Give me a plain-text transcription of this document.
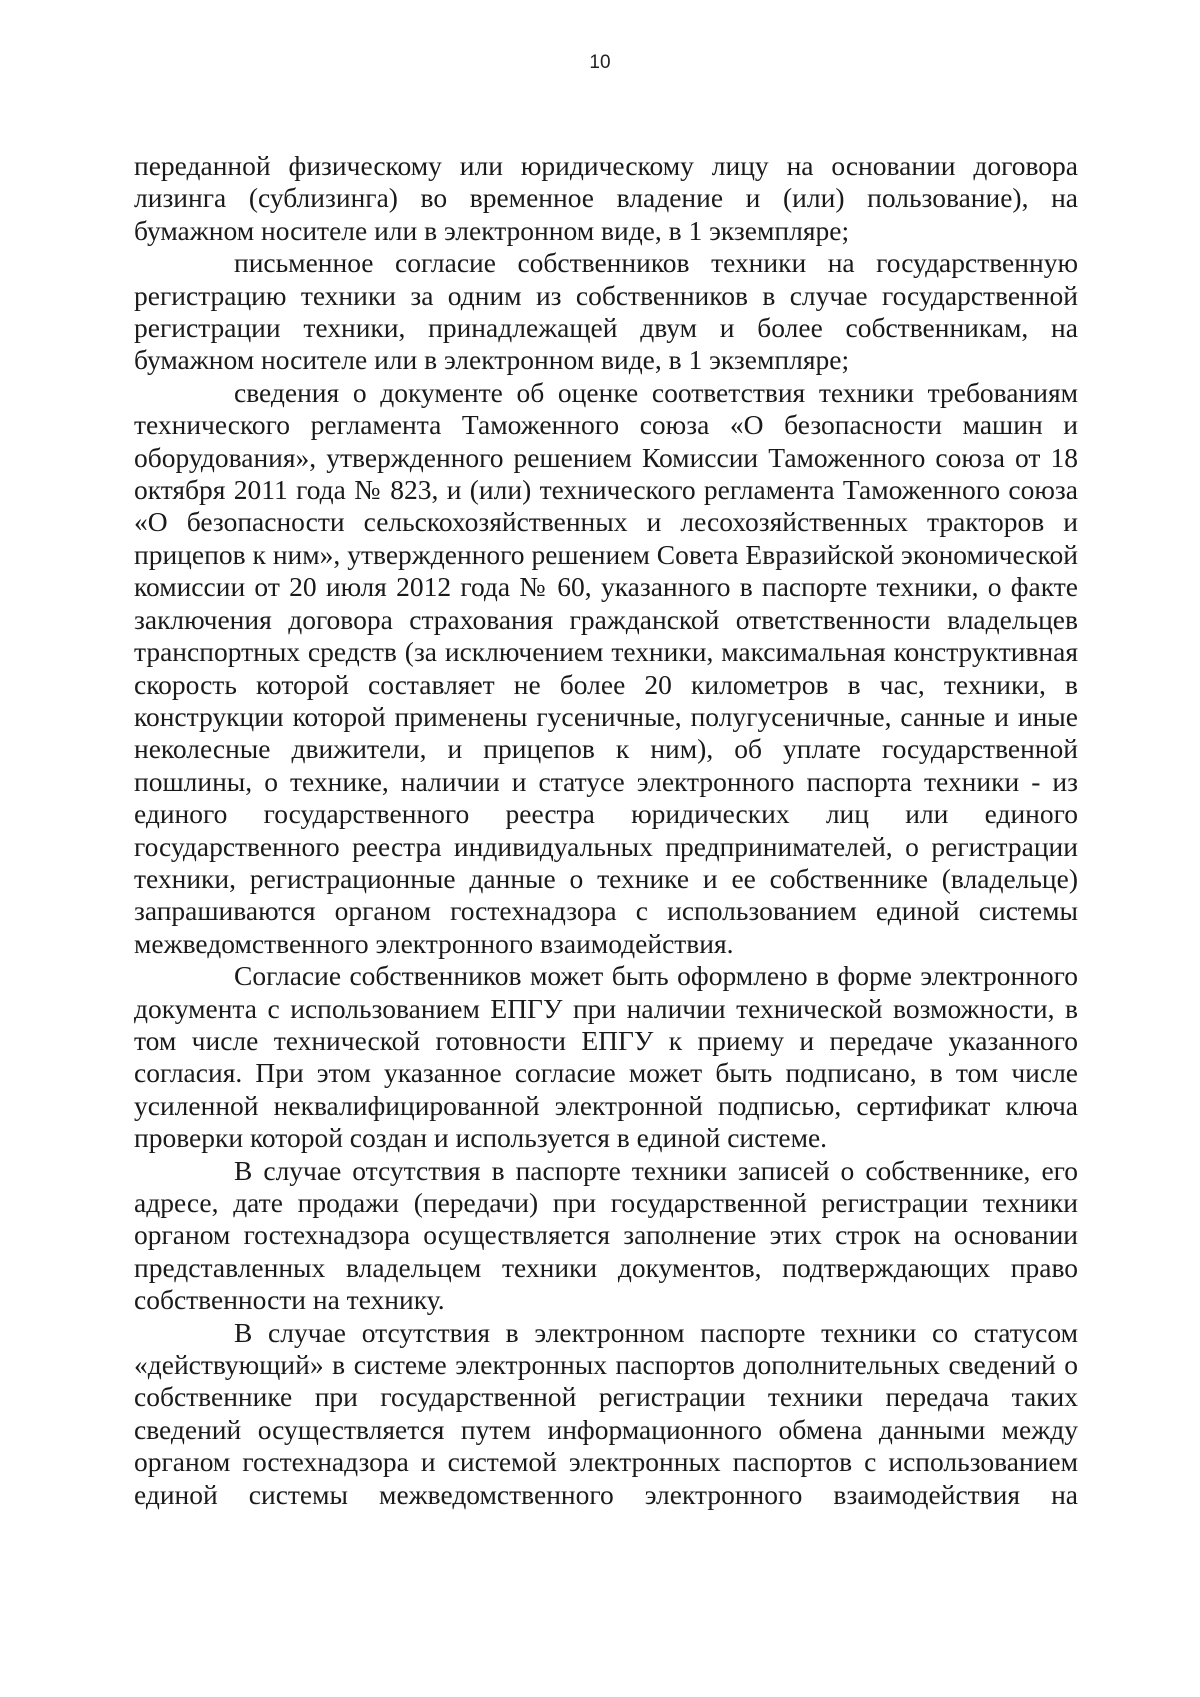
10

переданной физическому или юридическому лицу на основании договора лизинга (сублизинга) во временное владение и (или) пользование), на бумажном носителе или в электронном виде, в 1 экземпляре;

письменное согласие собственников техники на государственную регистрацию техники за одним из собственников в случае государственной регистрации техники, принадлежащей двум и более собственникам, на бумажном носителе или в электронном виде, в 1 экземпляре;

сведения о документе об оценке соответствия техники требованиям технического регламента Таможенного союза «О безопасности машин и оборудования», утвержденного решением Комиссии Таможенного союза от 18 октября 2011 года № 823, и (или) технического регламента Таможенного союза «О безопасности сельскохозяйственных и лесохозяйственных тракторов и прицепов к ним», утвержденного решением Совета Евразийской экономической комиссии от 20 июля 2012 года № 60, указанного в паспорте техники, о факте заключения договора страхования гражданской ответственности владельцев транспортных средств (за исключением техники, максимальная конструктивная скорость которой составляет не более 20 километров в час, техники, в конструкции которой применены гусеничные, полугусеничные, санные и иные неколесные движители, и прицепов к ним), об уплате государственной пошлины, о технике, наличии и статусе электронного паспорта техники - из единого государственного реестра юридических лиц или единого государственного реестра индивидуальных предпринимателей, о регистрации техники, регистрационные данные о технике и ее собственнике (владельце) запрашиваются органом гостехнадзора с использованием единой системы межведомственного электронного взаимодействия.

Согласие собственников может быть оформлено в форме электронного документа с использованием ЕПГУ при наличии технической возможности, в том числе технической готовности ЕПГУ к приему и передаче указанного согласия. При этом указанное согласие может быть подписано, в том числе усиленной неквалифицированной электронной подписью, сертификат ключа проверки которой создан и используется в единой системе.

В случае отсутствия в паспорте техники записей о собственнике, его адресе, дате продажи (передачи) при государственной регистрации техники органом гостехнадзора осуществляется заполнение этих строк на основании представленных владельцем техники документов, подтверждающих право собственности на технику.

В случае отсутствия в электронном паспорте техники со статусом «действующий» в системе электронных паспортов дополнительных сведений о собственнике при государственной регистрации техники передача таких сведений осуществляется путем информационного обмена данными между органом гостехнадзора и системой электронных паспортов с использованием единой системы межведомственного электронного взаимодействия на
